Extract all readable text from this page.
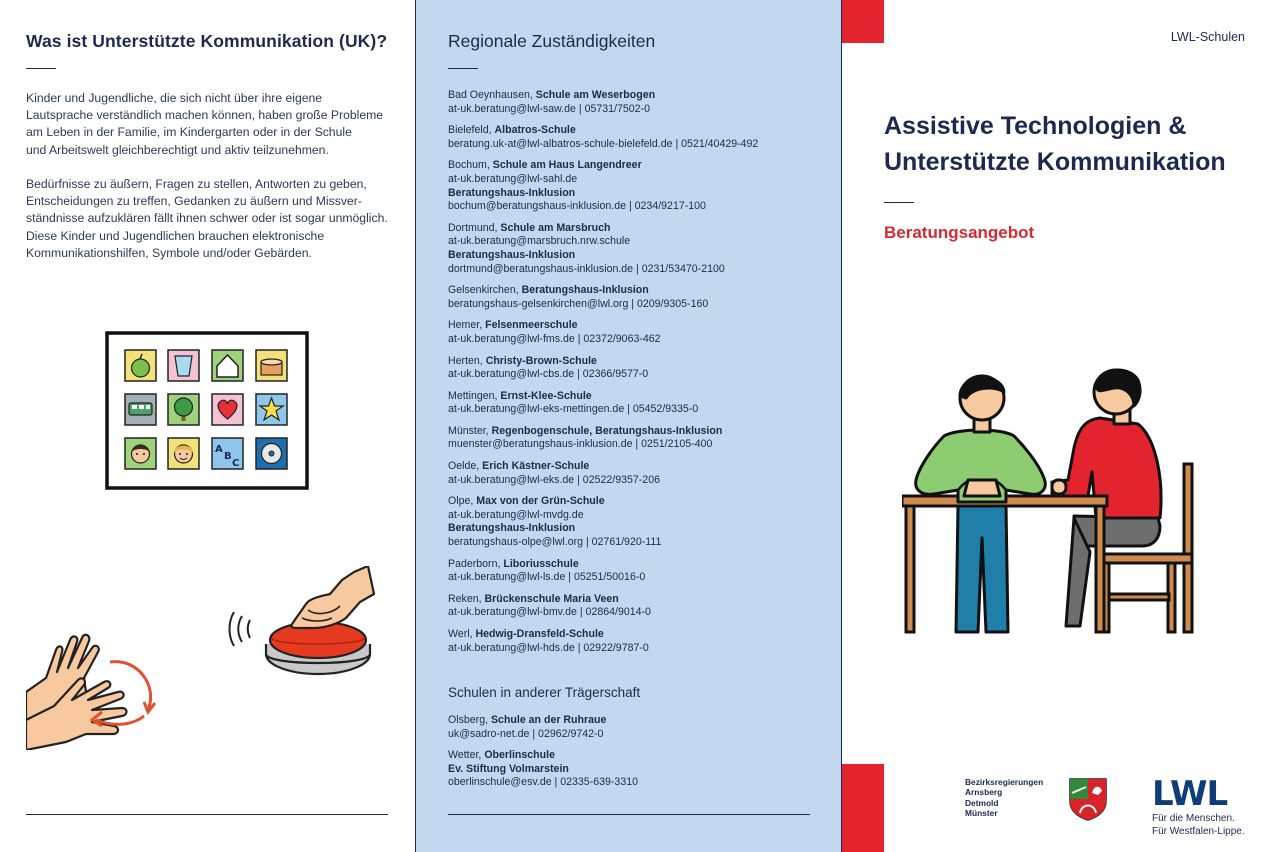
Was ist Unterstützte Kommunikation (UK)?
Kinder und Jugendliche, die sich nicht über ihre eigene
Lautsprache verständlich machen können, haben große Probleme
am Leben in der Familie, im Kindergarten oder in der Schule
und Arbeitswelt gleichberechtigt und aktiv teilzunehmen.
Bedürfnisse zu äußern, Fragen zu stellen, Antworten zu geben,
Entscheidungen zu treffen, Gedanken zu äußern und Missver-
ständnisse aufzuklären fällt ihnen schwer oder ist sogar unmöglich.
Diese Kinder und Jugendlichen brauchen elektronische
Kommunikationshilfen, Symbole und/oder Gebärden.
A
B
C
Regionale Zuständigkeiten
Bad Oeynhausen, Schule am Weserbogen
at-uk.beratung@lwl-saw.de | 05731/7502-0
Bielefeld, Albatros-Schule
beratung.uk-at@lwl-albatros-schule-bielefeld.de | 0521/40429-492
Bochum, Schule am Haus Langendreer
at-uk.beratung@lwl-sahl.de
Beratungshaus-Inklusion
bochum@beratungshaus-inklusion.de | 0234/9217-100
Dortmund, Schule am Marsbruch
at-uk.beratung@marsbruch.nrw.schule
Beratungshaus-Inklusion
dortmund@beratungshaus-inklusion.de | 0231/53470-2100
Gelsenkirchen, Beratungshaus-Inklusion
beratungshaus-gelsenkirchen@lwl.org | 0209/9305-160
Hemer, Felsenmeerschule
at-uk.beratung@lwl-fms.de | 02372/9063-462
Herten, Christy-Brown-Schule
at-uk.beratung@lwl-cbs.de | 02366/9577-0
Mettingen, Ernst-Klee-Schule
at-uk.beratung@lwl-eks-mettingen.de | 05452/9335-0
Münster, Regenbogenschule, Beratungshaus-Inklusion
muenster@beratungshaus-inklusion.de | 0251/2105-400
Oelde, Erich Kästner-Schule
at-uk.beratung@lwl-eks.de | 02522/9357-206
Olpe, Max von der Grün-Schule
at-uk.beratung@lwl-mvdg.de
Beratungshaus-Inklusion
beratungshaus-olpe@lwl.org | 02761/920-111
Paderborn, Liboriusschule
at-uk.beratung@lwl-ls.de | 05251/50016-0
Reken, Brückenschule Maria Veen
at-uk.beratung@lwl-bmv.de | 02864/9014-0
Werl, Hedwig-Dransfeld-Schule
at-uk.beratung@lwl-hds.de | 02922/9787-0
Schulen in anderer Trägerschaft
Olsberg, Schule an der Ruhraue
uk@sadro-net.de | 02962/9742-0
Wetter, Oberlinschule
Ev. Stiftung Volmarstein
oberlinschule@esv.de | 02335-639-3310
LWL-Schulen
Assistive Technologien &
Unterstützte Kommunikation
Beratungsangebot
Bezirksregierungen
Arnsberg
Detmold
Münster	LWL
Für die Menschen.
Für Westfalen-Lippe.
